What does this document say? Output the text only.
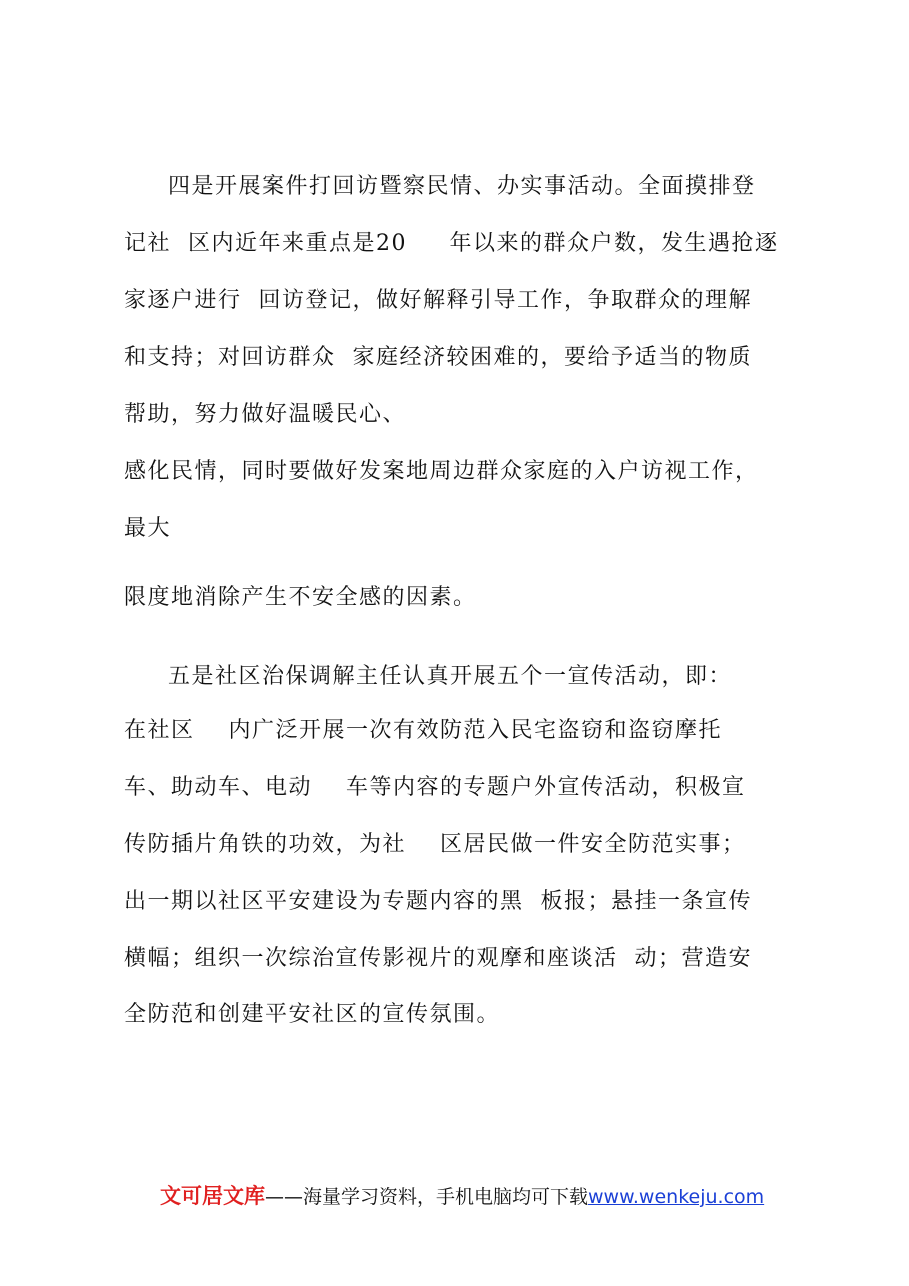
四是开展案件打回访暨察民情、办实事活动。全面摸排登
记社  区内近年来重点是20     年以来的群众户数，发生遇抢逐
家逐户进行  回访登记，做好解释引导工作，争取群众的理解
和支持；对回访群众  家庭经济较困难的，要给予适当的物质
帮助，努力做好温暖民心、
感化民情，同时要做好发案地周边群众家庭的入户访视工作，
最大
限度地消除产生不安全感的因素。
五是社区治保调解主任认真开展五个一宣传活动，即：
在社区    内广泛开展一次有效防范入民宅盗窃和盗窃摩托
车、助动车、电动    车等内容的专题户外宣传活动，积极宣
传防插片角铁的功效，为社    区居民做一件安全防范实事；
出一期以社区平安建设为专题内容的黑  板报；悬挂一条宣传
横幅；组织一次综治宣传影视片的观摩和座谈活  动；营造安
全防范和创建平安社区的宣传氛围。
文可居文库——海量学习资料，手机电脑均可下载www.wenkeju.com
